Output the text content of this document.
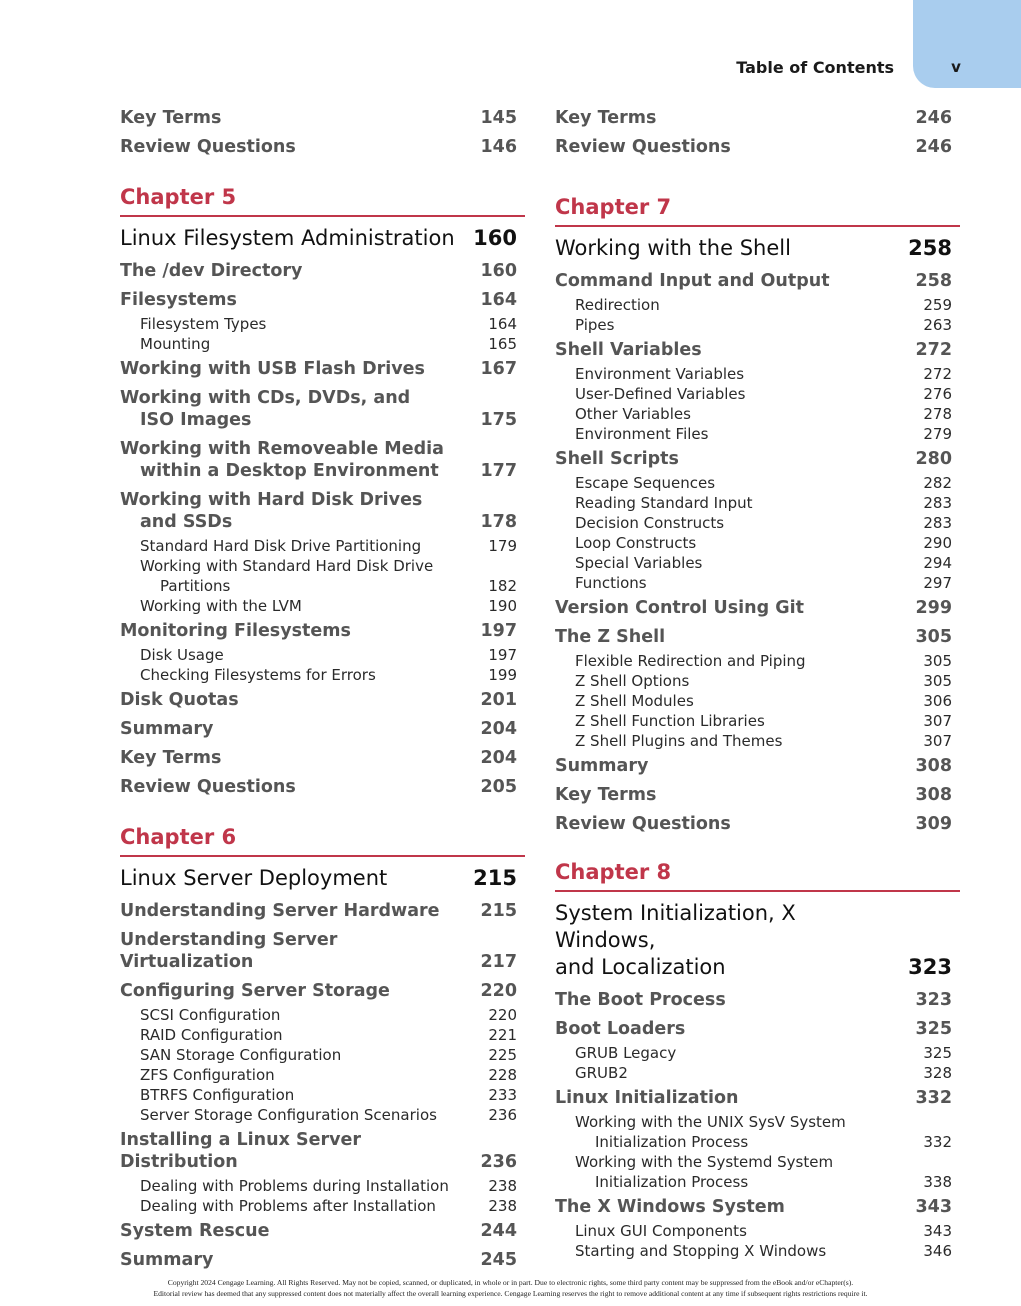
Table of Contents	v
Key Terms	145
Review Questions	146
Chapter 5
Linux Filesystem Administration 160
The /dev Directory	160
Filesystems	164
Filesystem Types	164
Mounting	165
Working with USB Flash Drives	167
Working with CDs, DVDs, and
ISO Images	175
Working with Removeable Media
within a Desktop Environment	177
Working with Hard Disk Drives
and SSDs	178
Standard Hard Disk Drive Partitioning	179
Working with Standard Hard Disk Drive
Partitions	182
Working with the LVM	190
Monitoring Filesystems	197
Disk Usage	197
Checking Filesystems for Errors	199
Disk Quotas	201
Summary	204
Key Terms	204
Review Questions	205
Chapter 6
Linux Server Deployment	215
Understanding Server Hardware	215
Understanding Server Virtualization	217
Configuring Server Storage	220
SCSI Configuration	220
RAID Configuration	221
SAN Storage Configuration	225
ZFS Configuration	228
BTRFS Configuration	233
Server Storage Configuration Scenarios	236
Installing a Linux Server Distribution	236
Dealing with Problems during Installation	238
Dealing with Problems after Installation	238
System Rescue	244
Summary	245
Key Terms	246
Review Questions	246
Chapter 7
Working with the Shell	258
Command Input and Output	258
Redirection	259
Pipes	263
Shell Variables	272
Environment Variables	272
User-Defined Variables	276
Other Variables	278
Environment Files	279
Shell Scripts	280
Escape Sequences	282
Reading Standard Input	283
Decision Constructs	283
Loop Constructs	290
Special Variables	294
Functions	297
Version Control Using Git	299
The Z Shell	305
Flexible Redirection and Piping	305
Z Shell Options	305
Z Shell Modules	306
Z Shell Function Libraries	307
Z Shell Plugins and Themes	307
Summary	308
Key Terms	308
Review Questions	309
Chapter 8
System Initialization, X Windows,
and Localization	323
The Boot Process	323
Boot Loaders	325
GRUB Legacy	325
GRUB2	328
Linux Initialization	332
Working with the UNIX SysV System
Initialization Process	332
Working with the Systemd System
Initialization Process	338
The X Windows System	343
Linux GUI Components	343
Starting and Stopping X Windows	346
Copyright 2024 Cengage Learning. All Rights Reserved. May not be copied, scanned, or duplicated, in whole or in part. Due to electronic rights, some third party content may be suppressed from the eBook and/or eChapter(s).
Editorial review has deemed that any suppressed content does not materially affect the overall learning experience. Cengage Learning reserves the right to remove additional content at any time if subsequent rights restrictions require it.
